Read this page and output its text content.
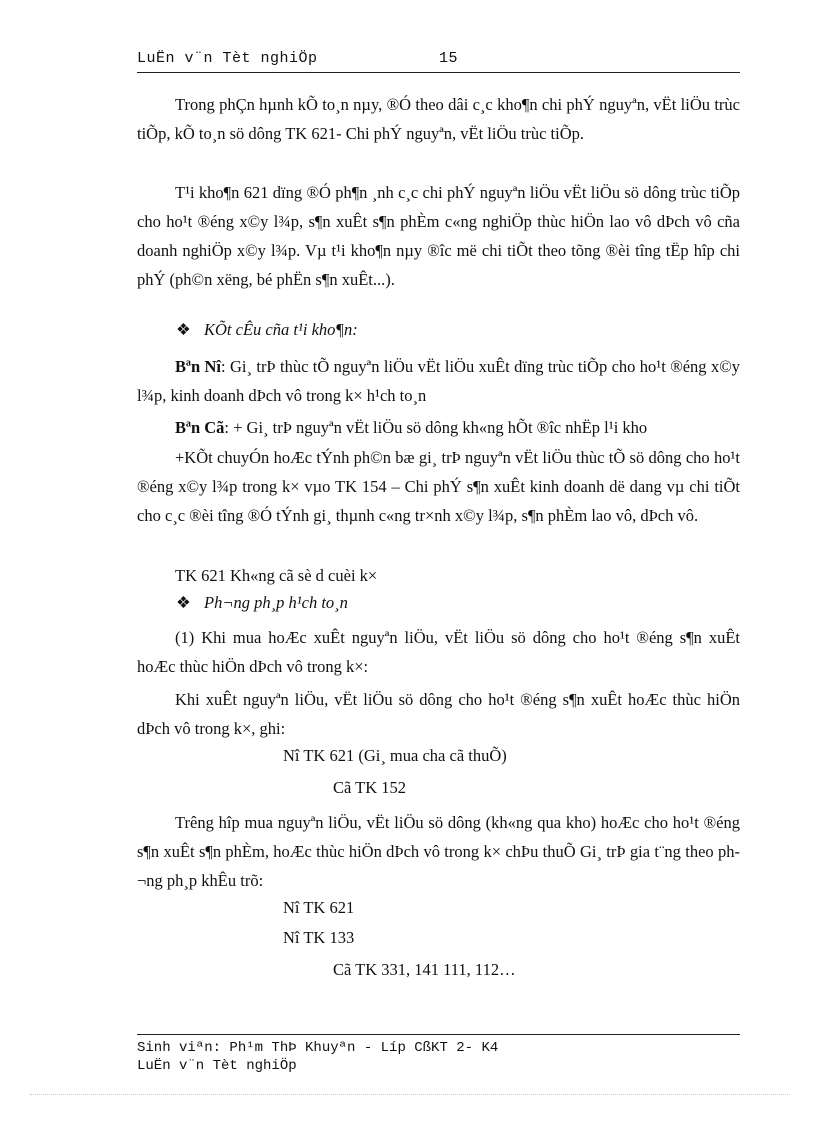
LuËn v¨n Tèt nghiÖp	15
Trong phÇn hµnh kÕ to¸n nµy, ®Ó theo dâi c¸c kho¶n chi phÝ nguyªn, vËt liÖu trùc tiÕp, kÕ to¸n sö dông TK 621- Chi phÝ nguyªn, vËt liÖu trùc tiÕp.
T¹i kho¶n 621 dïng ®Ó ph¶n ¸nh c¸c chi phÝ nguyªn liÖu vËt liÖu sö dông trùc tiÕp cho ho¹t ®éng x©y l¾p, s¶n xuÊt s¶n phÈm c«ng nghiÖp thùc hiÖn lao vô dÞch vô cña doanh nghiÖp x©y l¾p. Vµ t¹i kho¶n nµy ®îc më chi tiÕt theo tõng ®èi tîng tËp hîp chi phÝ (ph©n xëng, bé phËn s¶n xuÊt...).
❖ KÕt cÊu cña t¹i kho¶n:
Bªn Nî: Gi¸ trÞ thùc tÕ nguyªn liÖu vËt liÖu xuÊt dïng trùc tiÕp cho ho¹t ®éng x©y l¾p, kinh doanh dÞch vô trong k× h¹ch to¸n
Bªn Cã: + Gi¸ trÞ nguyªn vËt liÖu sö dông kh«ng hÕt ®îc nhËp l¹i kho
+KÕt chuyÓn hoÆc tÝnh ph©n bæ gi¸ trÞ nguyªn vËt liÖu thùc tÕ sö dông cho ho¹t ®éng x©y l¾p trong k× vµo TK 154 – Chi phÝ s¶n xuÊt kinh doanh dë dang vµ chi tiÕt cho c¸c ®èi tîng ®Ó tÝnh gi¸ thµnh c«ng tr×nh x©y l¾p, s¶n phÈm lao vô, dÞch vô.
TK 621 Kh«ng cã sè d cuèi k×
❖ Ph¬ng ph¸p h¹ch to¸n
(1) Khi mua hoÆc xuÊt nguyªn liÖu, vËt liÖu sö dông cho ho¹t ®éng s¶n xuÊt hoÆc thùc hiÖn dÞch vô trong k×:
Khi xuÊt nguyªn liÖu, vËt liÖu sö dông cho ho¹t ®éng s¶n xuÊt hoÆc thùc hiÖn dÞch vô trong k×, ghi:
Nî TK 621 (Gi¸ mua cha cã thuÕ)
Cã TK 152
Trêng hîp mua nguyªn liÖu, vËt liÖu sö dông (kh«ng qua kho) hoÆc cho ho¹t ®éng s¶n xuÊt s¶n phÈm, hoÆc thùc hiÖn dÞch vô trong k× chÞu thuÕ Gi¸ trÞ gia t¨ng theo ph¬ng ph¸p khÊu trõ:
Nî TK 621
Nî TK 133
Cã TK 331, 141 111, 112…
Sinh viªn: Ph¹m ThÞ Khuyªn - Líp CßKT 2- K4
LuËn v¨n Tèt nghiÖp
